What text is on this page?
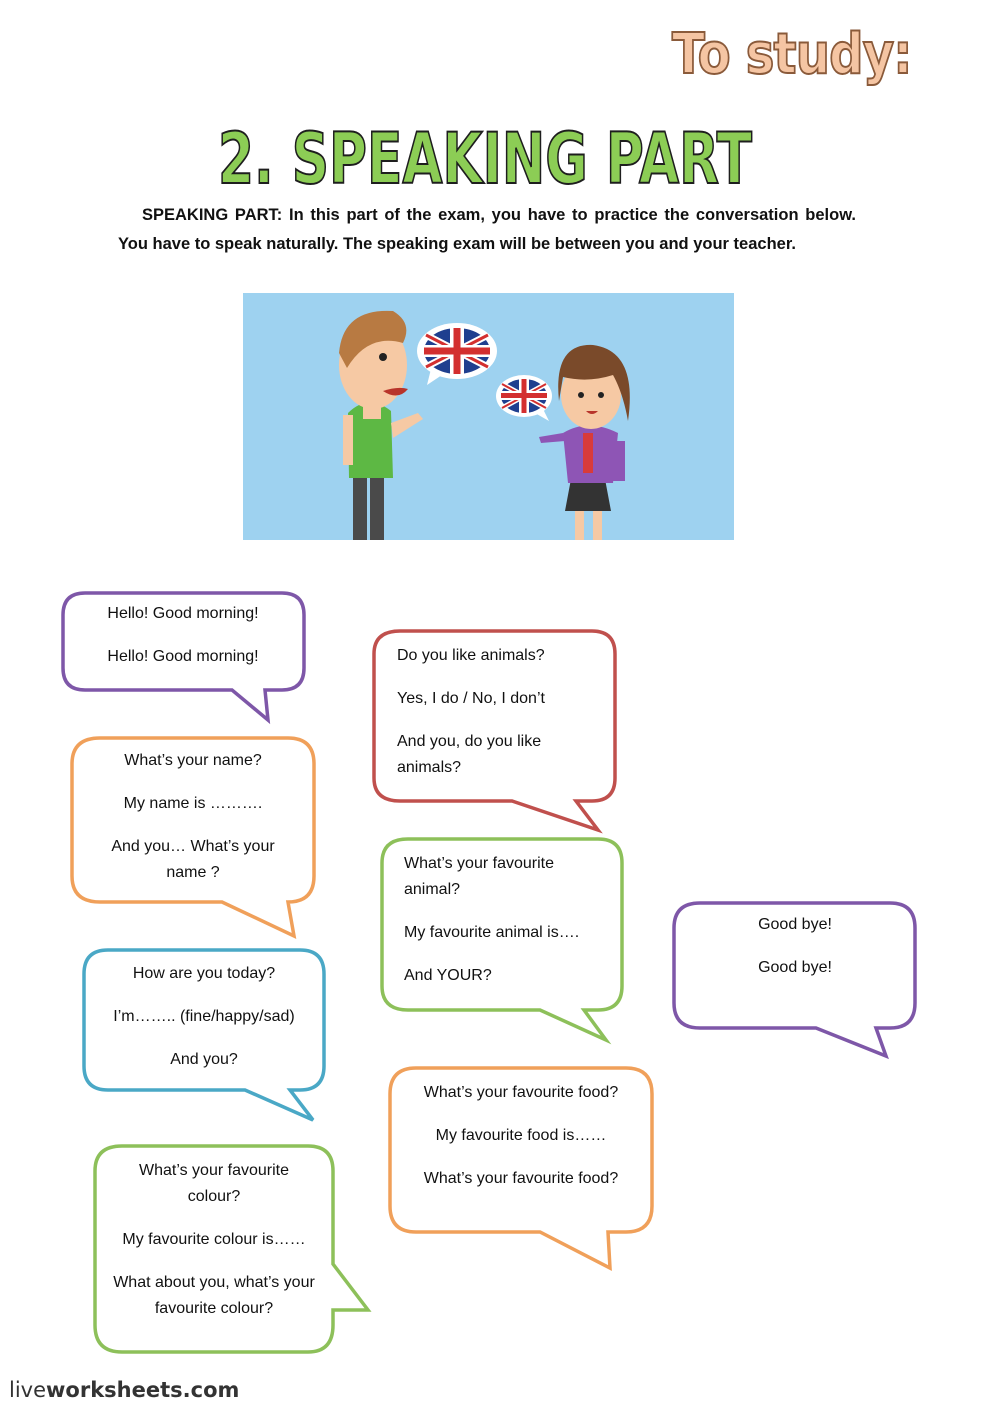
To study:
2. SPEAKING PART
SPEAKING PART: In this part of the exam, you have to practice the conversation below. You have to speak naturally. The speaking exam will be between you and your teacher.
Hello! Good morning!
Hello! Good morning!
What’s your name?
My name is ……….
And you… What’s your name ?
How are you today?
I’m…….. (fine/happy/sad)
And you?
What’s your favourite colour?
My favourite colour is……
What about you, what’s your favourite colour?
Do you like animals?
Yes, I do / No, I don’t
And you, do you like animals?
What’s your favourite animal?
My favourite animal is….
And YOUR?
What’s your favourite food?
My favourite food is……
What’s your favourite food?
Good bye!
Good bye!
liveworksheets.com
